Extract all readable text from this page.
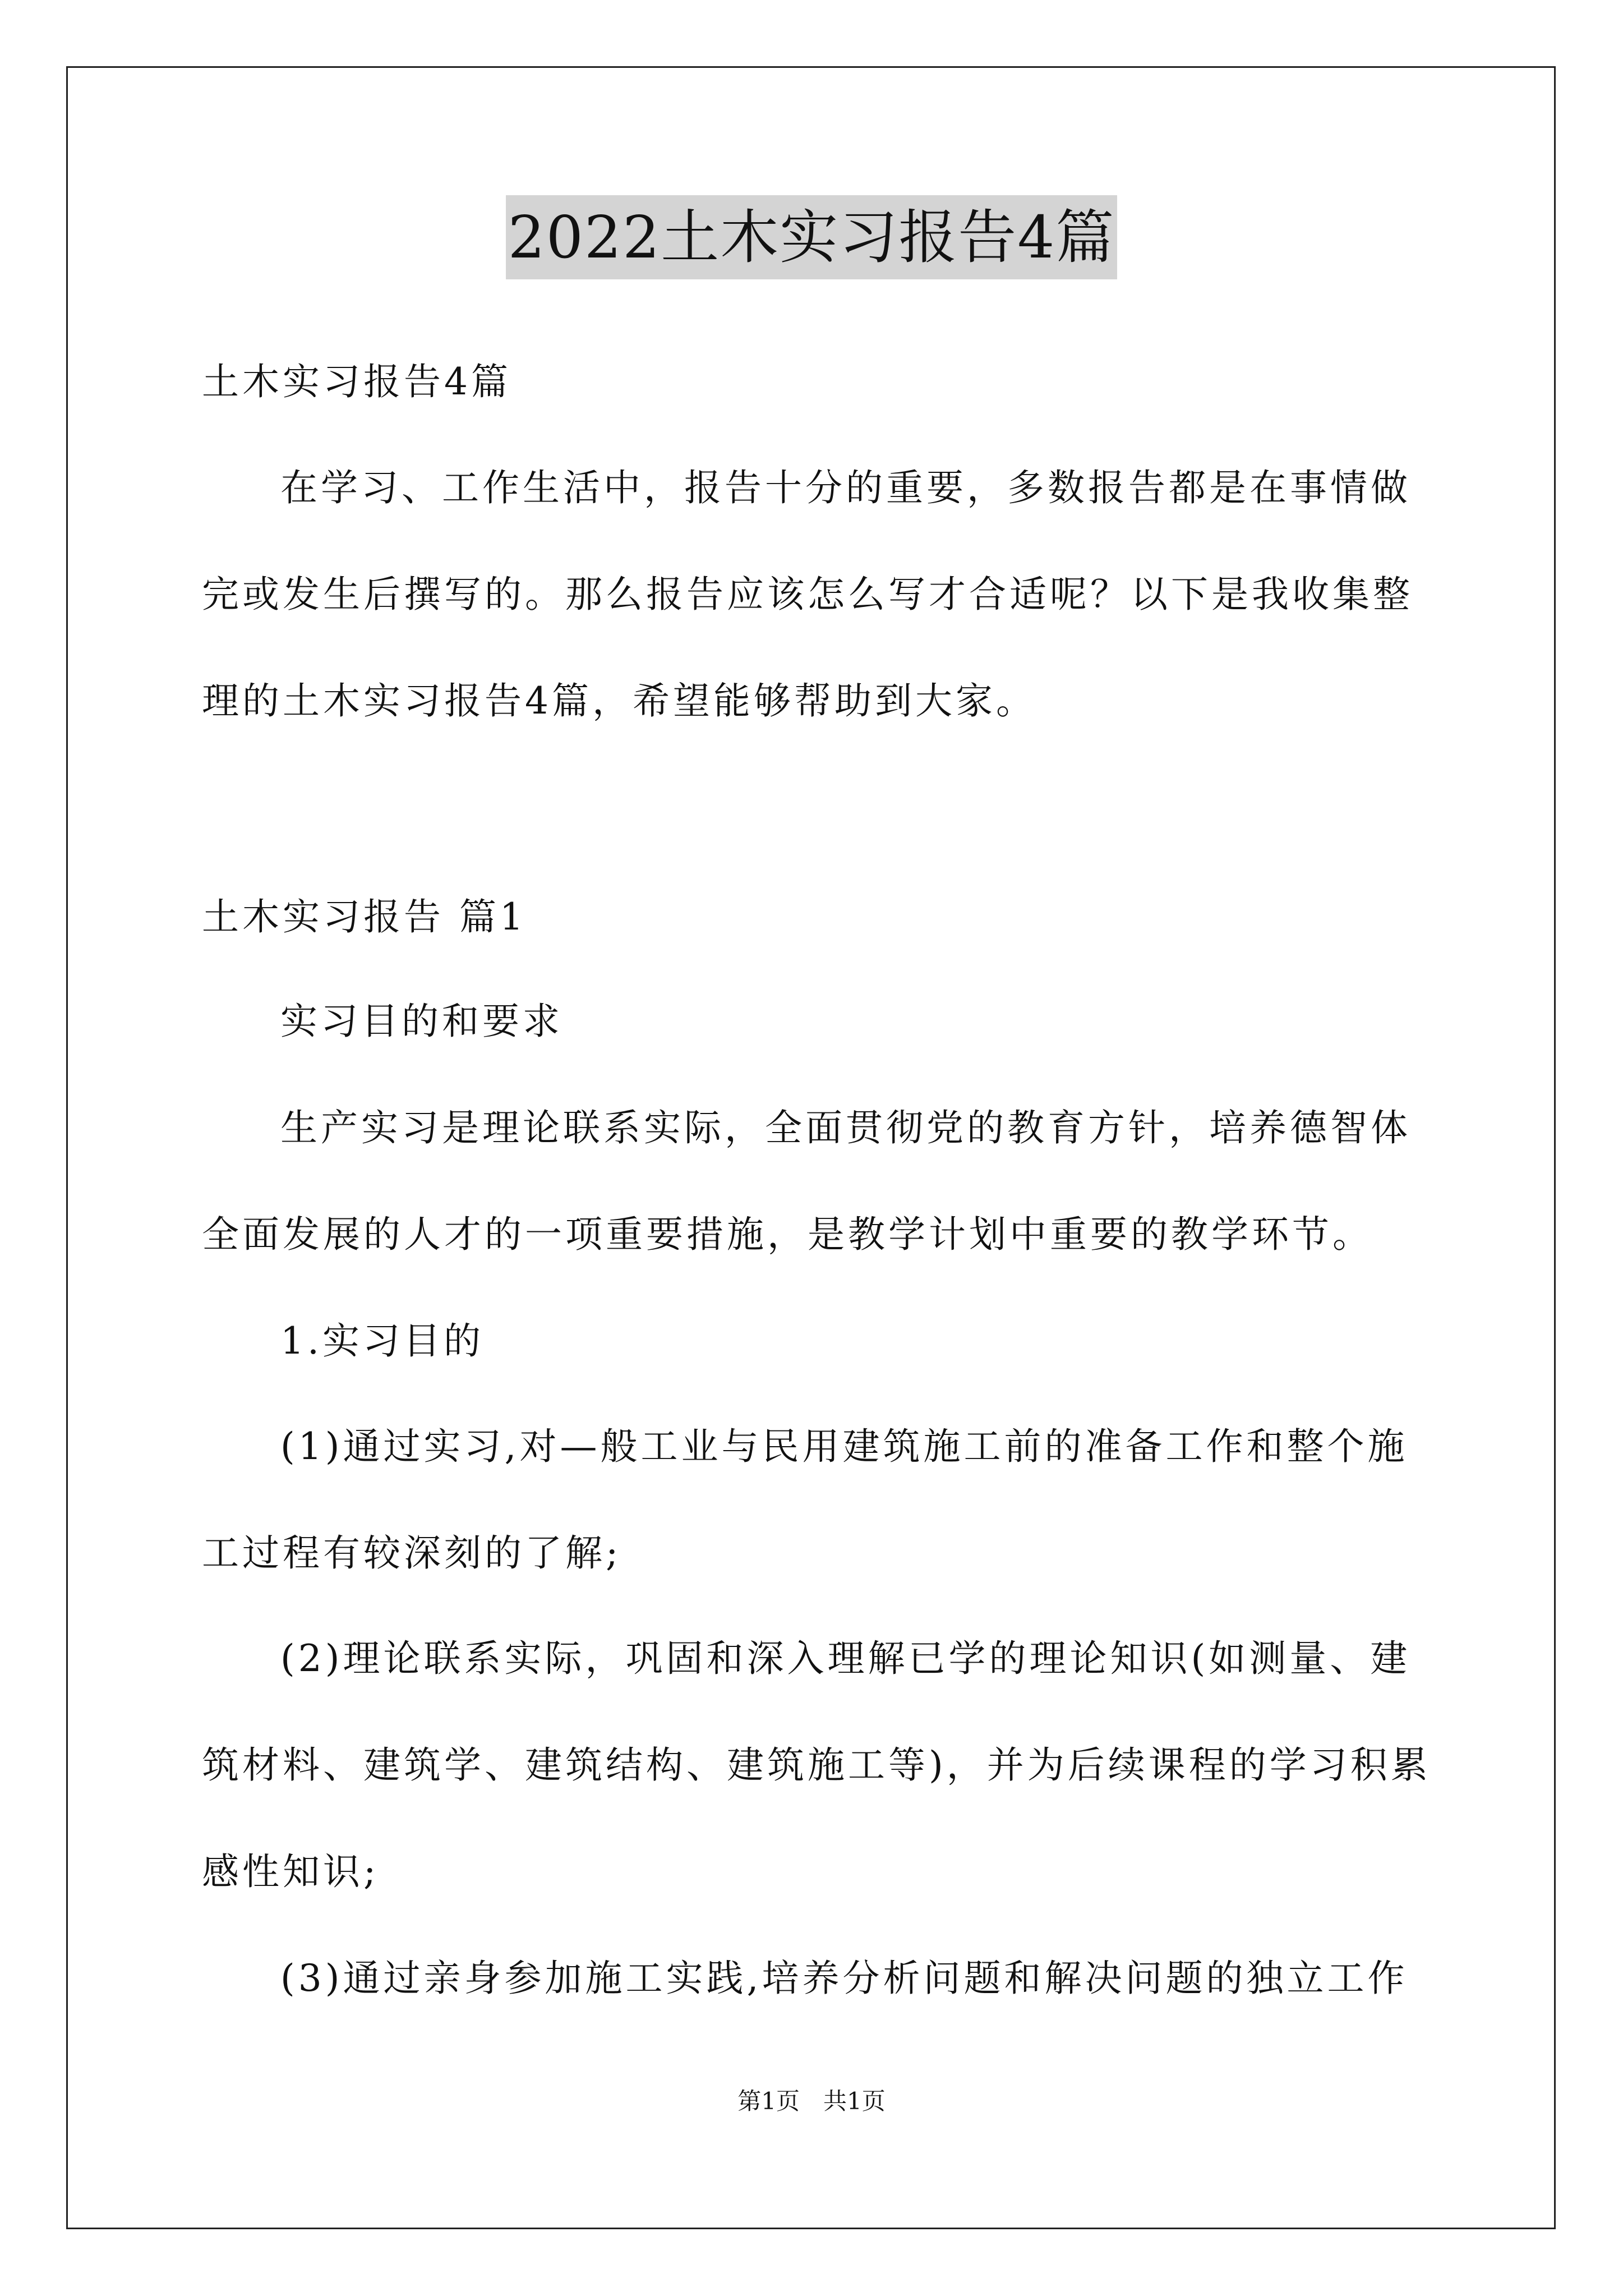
2022土木实习报告4篇
土木实习报告4篇
在学习、工作生活中，报告十分的重要，多数报告都是在事情做
完或发生后撰写的。那么报告应该怎么写才合适呢？以下是我收集整
理的土木实习报告4篇，希望能够帮助到大家。
土木实习报告 篇1
实习目的和要求
生产实习是理论联系实际，全面贯彻党的教育方针，培养德智体
全面发展的人才的一项重要措施，是教学计划中重要的教学环节。
1.实习目的
(1)通过实习,对—般工业与民用建筑施工前的准备工作和整个施
工过程有较深刻的了解;
(2)理论联系实际，巩固和深入理解已学的理论知识(如测量、建
筑材料、建筑学、建筑结构、建筑施工等)，并为后续课程的学习积累
感性知识;
(3)通过亲身参加施工实践,培养分析问题和解决问题的独立工作
第1页　共1页
